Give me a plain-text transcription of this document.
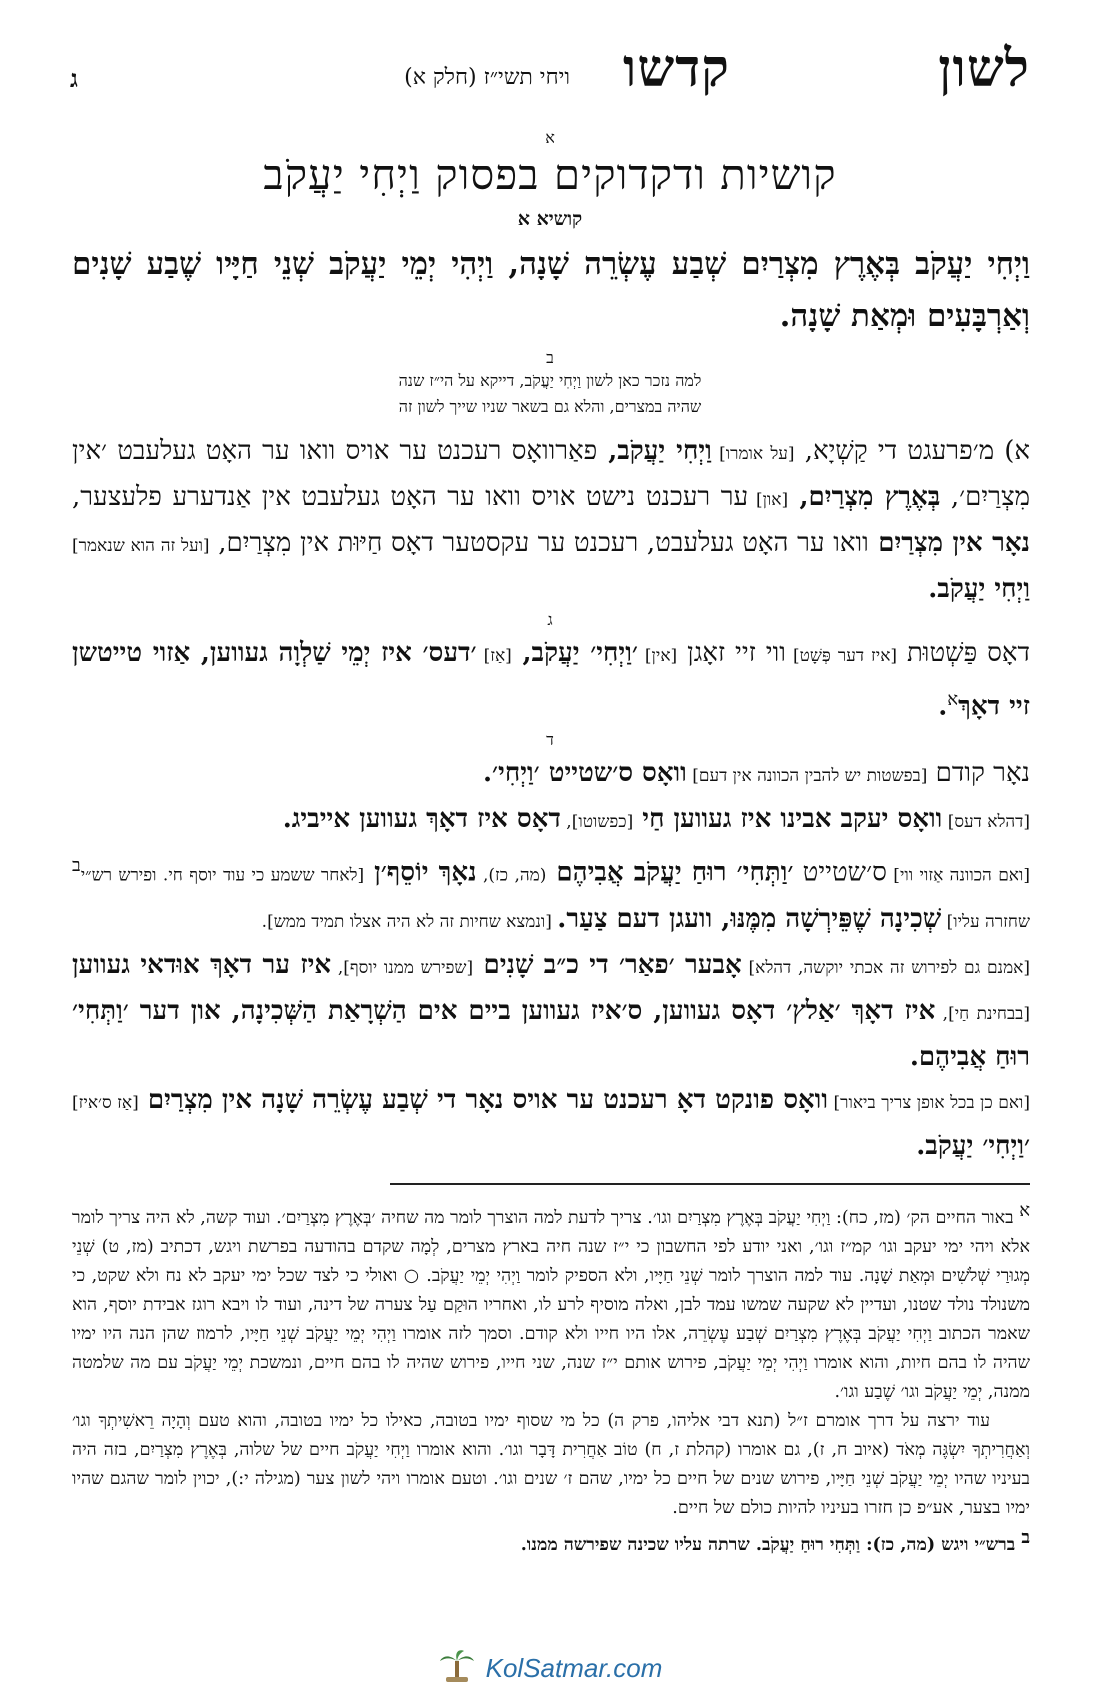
לשון
קדשו
ויחי תשי״ז (חלק א)
ג
א
קושיות ודקדוקים בפסוק וַיְחִי יַעֲקֹב
קושיא א
וַיְחִי יַעֲקֹב בְּאֶרֶץ מִצְרַיִם שְׁבַע עֶשְׂרֵה שָׁנָה, וַיְהִי יְמֵי יַעֲקֹב שְׁנֵי חַיָּיו שֶׁבַע שָׁנִים וְאַרְבָּעִים וּמְאַת שָׁנָה.
ב
למה נזכר כאן לשון וַיְחִי יַעֲקֹב, דייקא על הי״ז שנה
שהיה במצרים, והלא גם בשאר שניו שייך לשון זה

א) מ׳פרעגט די קַשְׁיָא, [על אומרו] וַיְחִי יַעֲקֹב, פאַרוואָס רעכנט ער אויס וואו ער האָט געלעבט ׳אין מִצְרַיִם׳, בְּאֶרֶץ מִצְרַיִם, [און] ער רעכנט נישט אויס וואו ער האָט געלעבט אין אַנדערע פלעצער, נאָר אין מִצְרַיִם וואו ער האָט געלעבט, רעכנט ער עקסטער דאָס חַיּוּת אין מִצְרַיִם, [ועל זה הוא שנאמר] וַיְחִי יַעֲקֹב.

ג

דאָס פַּשְׁטוּת [איז דער פְּשָׁט] ווי זיי זאָגן [אין] ׳וַיְחִי׳ יַעֲקֹב, [אַז] ׳דעס׳ איז יְמֵי שַׁלְוָה געווען, אַזוי טייטשן זיי דאָךְ$^א$.

ד

נאָר קודם [בפשטות יש להבין הכוונה אין דעם] וואָס ס׳שטייט ׳וַיְחִי׳.

[דהלא דעס] וואָס יעקב אבינו איז געווען חַי [כפשוטו], דאָס איז דאָךְ געווען אייביג.

[ואם הכוונה אַזוי ווי] ס׳שטייט ׳וַתְּחִי׳ רוּחַ יַעֲקֹב אֲבִיהֶם (מה, כז), נאָךְ יוֹסֵף׳ן [לאחר ששמע כי עוד יוסף חי. ופירש רש״י$^ב$ שחזרה עליו] שְׁכִינָה שֶׁפֵּירְשָׁה מִמֶּנּוּ, וועגן דעם צַעַר. [ונמצא שחיות זה לא היה אצלו תמיד ממש].

[אמנם גם לפירוש זה אכתי יוקשה, דהלא] אָבער ׳פאַר׳ די כ״ב שָׁנִים [שפירש ממנו יוסף], איז ער דאָךְ אוּדאי געווען [בבחינת חַי], איז דאָךְ ׳אַלץ׳ דאָס געווען, ס׳איז געווען ביים אים הַשְׁרָאַת הַשְּׁכִינָה, און דער ׳וַתְּחִי׳ רוּחַ אֲבִיהֶם.

[ואם כן בכל אופן צריך ביאור] וואָס פונקט דאָ רעכנט ער אויס נאָר די שְׁבַע עֶשְׂרֵה שָׁנָה אין מִצְרַיִם [אַז ס׳איז] ׳וַיְחִי׳ יַעֲקֹב.

$^א$ באור החיים הק׳ (מז, כח): וַיְחִי יַעֲקֹב בְּאֶרֶץ מִצְרַיִם וגו׳. צריך לדעת למה הוצרך לומר מה שחיה ׳בְּאֶרֶץ מִצְרַיִם׳. ועוד קשה, לא היה צריך לומר אלא ויהי ימי יעקב וגו׳ קמ״ז וגו׳, ואני יודע לפי החשבון כי י״ז שנה חיה בארץ מצרים, לְמָה שקדם בהודעה בפרשת ויגש, דכתיב (מז, ט) שְׁנֵי מְגוּרַי שְׁלֹשִׁים וּמְאַת שָׁנָה. עוד למה הוצרך לומר שְׁנֵי חַיָּיו, ולא הספיק לומר וַיְהִי יְמֵי יַעֲקֹב. ○ ואולי כי לצד שכל ימי יעקב לא נח ולא שקט, כי משנולד נולד שטנו, ועדיין לא שקעה שמשו עמד לבן, ואלה מוסיף לרע לו, ואחריו הוּקַם עַל צערה של דינה, ועוד לו ויבא רוגז אבידת יוסף, הוא שאמר הכתוב וַיְחִי יַעֲקֹב בְּאֶרֶץ מִצְרַיִם שְׁבַע עֶשְׂרֵה, אלו היו חייו ולא קודם. וסמך לזה אומרו וַיְהִי יְמֵי יַעֲקֹב שְׁנֵי חַיָּיו, לרמוז שהן הנה היו ימיו שהיה לו בהם חיות, והוא אומרו וַיְהִי יְמֵי יַעֲקֹב, פירוש אותם י״ז שנה, שני חייו, פירוש שהיה לו בהם חיים, ונמשכת יְמֵי יַעֲקֹב עם מה שלמטה ממנה, יְמֵי יַעֲקֹב וגו׳ שֶׁבַע וגו׳.

עוד ירצה על דרך אומרם ז״ל (תנא דבי אליהו, פרק ה) כל מי שסוף ימיו בטובה, כאילו כל ימיו בטובה, והוא טעם וְהָיָה רֵאשִׁיתְךָ וגו׳ וְאַחֲרִיתְךָ יִשְׂגֶּה מְאֹד (איוב ח, ז), גם אומרו (קהלת ז, ח) טוֹב אַחֲרִית דָּבָר וגו׳. והוא אומרו וַיְחִי יַעֲקֹב חיים של שלוה, בְּאֶרֶץ מִצְרַיִם, בזה היה בעיניו שהיו יְמֵי יַעֲקֹב שְׁנֵי חַיָּיו, פירוש שנים של חיים כל ימיו, שהם ז׳ שנים וגו׳. וטעם אומרו ויהי לשון צער (מגילה י:), יכוין לומר שהגם שהיו ימיו בצער, אע״פ כן חזרו בעיניו להיות כולם של חיים.

$^ב$ ברש״י ויגש (מה, כז): וַתְּחִי רוּחַ יַעֲקֹב. שרתה עליו שכינה שפירשה ממנו.

KolSatmar.com
